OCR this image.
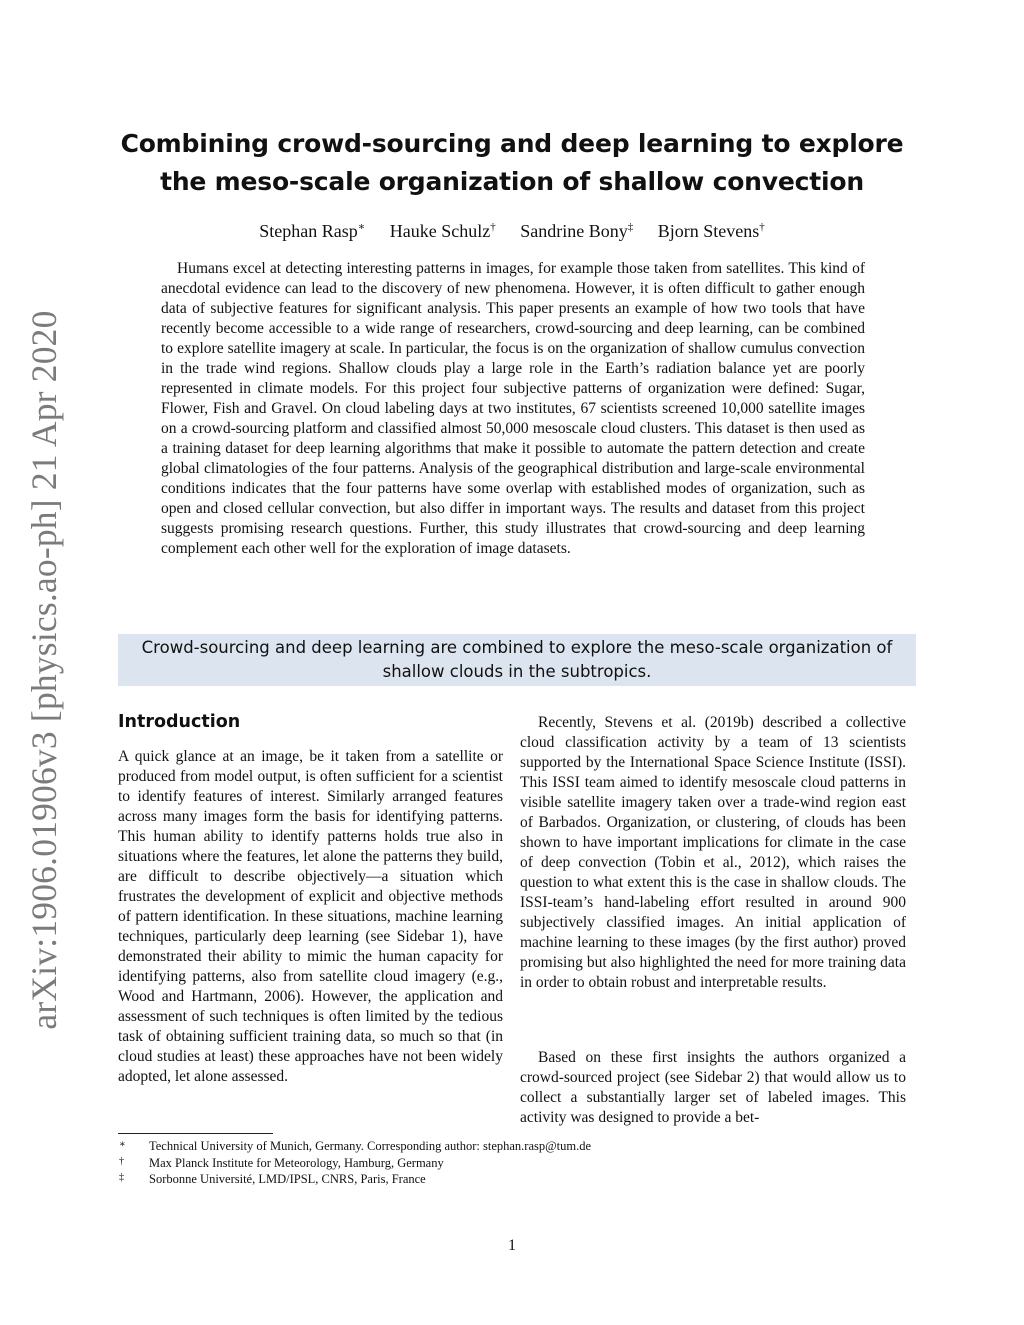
arXiv:1906.01906v3 [physics.ao-ph] 21 Apr 2020
Combining crowd-sourcing and deep learning to explore the meso-scale organization of shallow convection
Stephan Rasp∗ Hauke Schulz† Sandrine Bony‡ Bjorn Stevens†

Humans excel at detecting interesting patterns in images, for example those taken from satellites. This kind of anecdotal evidence can lead to the discovery of new phenomena. However, it is often difficult to gather enough data of subjective features for significant analysis. This paper presents an example of how two tools that have recently become accessible to a wide range of researchers, crowd-sourcing and deep learning, can be combined to explore satellite imagery at scale. In particular, the focus is on the organization of shallow cumulus convection in the trade wind regions. Shallow clouds play a large role in the Earth’s radiation balance yet are poorly represented in climate models. For this project four subjective patterns of organization were defined: Sugar, Flower, Fish and Gravel. On cloud labeling days at two institutes, 67 scientists screened 10,000 satellite images on a crowd-sourcing platform and classified almost 50,000 mesoscale cloud clusters. This dataset is then used as a training dataset for deep learning algorithms that make it possible to automate the pattern detection and create global climatologies of the four patterns. Analysis of the geographical distribution and large-scale environmental conditions indicates that the four patterns have some overlap with established modes of organization, such as open and closed cellular convection, but also differ in important ways. The results and dataset from this project suggests promising research questions. Further, this study illustrates that crowd-sourcing and deep learning complement each other well for the exploration of image datasets.

Crowd-sourcing and deep learning are combined to explore the meso-scale organization of shallow clouds in the subtropics.
Introduction

A quick glance at an image, be it taken from a satellite or produced from model output, is often sufficient for a scientist to identify features of interest. Similarly arranged features across many images form the basis for identifying patterns. This human ability to identify patterns holds true also in situations where the features, let alone the patterns they build, are difficult to describe objectively—a situation which frustrates the development of explicit and objective methods of pattern identification. In these situations, machine learning techniques, particularly deep learning (see Sidebar 1), have demonstrated their ability to mimic the human capacity for identifying patterns, also from satellite cloud imagery (e.g., Wood and Hartmann, 2006). However, the application and assessment of such techniques is often limited by the tedious task of obtaining sufficient training data, so much so that (in cloud studies at least) these approaches have not been widely adopted, let alone assessed.

Recently, Stevens et al. (2019b) described a collective cloud classification activity by a team of 13 scientists supported by the International Space Science Institute (ISSI). This ISSI team aimed to identify mesoscale cloud patterns in visible satellite imagery taken over a trade-wind region east of Barbados. Organization, or clustering, of clouds has been shown to have important implications for climate in the case of deep convection (Tobin et al., 2012), which raises the question to what extent this is the case in shallow clouds. The ISSI-team’s hand-labeling effort resulted in around 900 subjectively classified images. An initial application of machine learning to these images (by the first author) proved promising but also highlighted the need for more training data in order to obtain robust and interpretable results.

Based on these first insights the authors organized a crowd-sourced project (see Sidebar 2) that would allow us to collect a substantially larger set of labeled images. This activity was designed to provide a bet-

∗ Technical University of Munich, Germany. Corresponding author: stephan.rasp@tum.de
† Max Planck Institute for Meteorology, Hamburg, Germany
‡ Sorbonne Université, LMD/IPSL, CNRS, Paris, France
1
